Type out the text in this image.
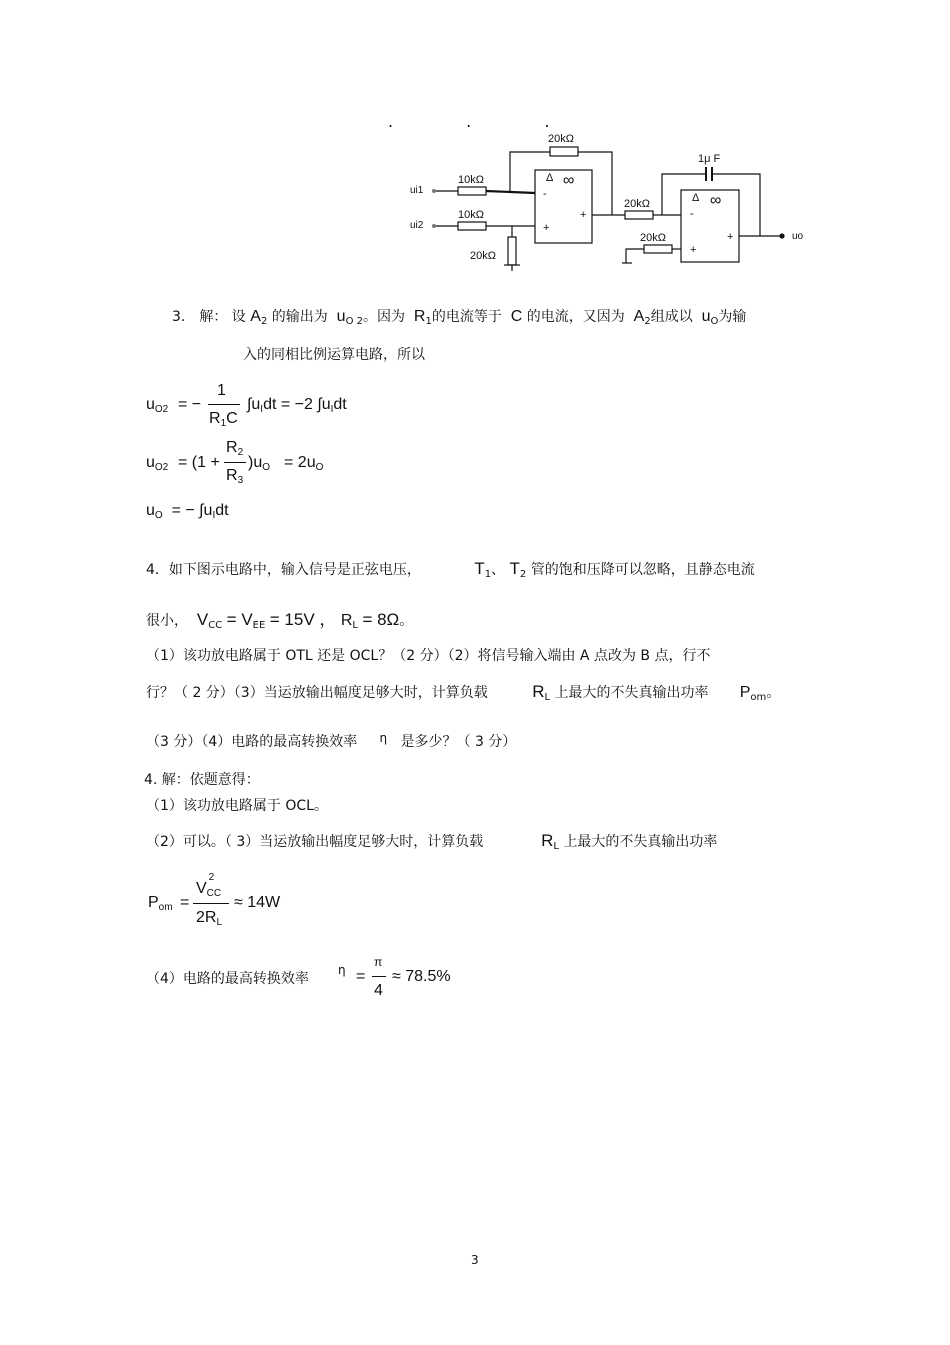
. . .
20kΩ
10kΩ
10kΩ
20kΩ
20kΩ
20kΩ
1μ F
ui1
ui2
uo
Δ ∞
-
+
+
Δ ∞
-
+
+
3． 解： 设 $A_2$ 的输出为 $u_{O 2}$。因为 $R_1$的电流等于 C 的电流，又因为 $A_2$组成以 $u_O$为输
入的同相比例运算电路，所以
$u_{O2}$ = −
1
$R_1C$
$\int u_Idt = -2$ $\int u_Idt$
$u_{O2} = (1$ +
$R_2$
$R_3$
)$u_O = 2u_O$
$u_O$ = − $\int u_Idt$
4．如下图示电路中，输入信号是正弦电压，	$T_1$、 $T_2$ 管的饱和压降可以忽略，且静态电流
很小， $V_{CC} = V_{EE} = 15V$ ， $R_L = 8\Omega$。
（1）该功放电路属于 OTL 还是 OCL？（2 分）（2）将信号输入端由 A 点改为 B 点，行不
行？（ 2 分）（3）当运放输出幅度足够大时，计算负载	$R_L$ 上最大的不失真输出功率 $P_{om}$。
（3 分）（4）电路的最高转换效率 η 是多少？（ 3 分）
4. 解：依题意得：
（1）该功放电路属于 OCL。
（2）可以。（ 3）当运放输出幅度足够大时，计算负载	$R_L$ 上最大的不失真输出功率
$P_{om}$ =
V
2
$_{CC}$
$2R_L$
≈ 14W
（4）电路的最高转换效率
η =
π
4
≈ 78.5%
3
